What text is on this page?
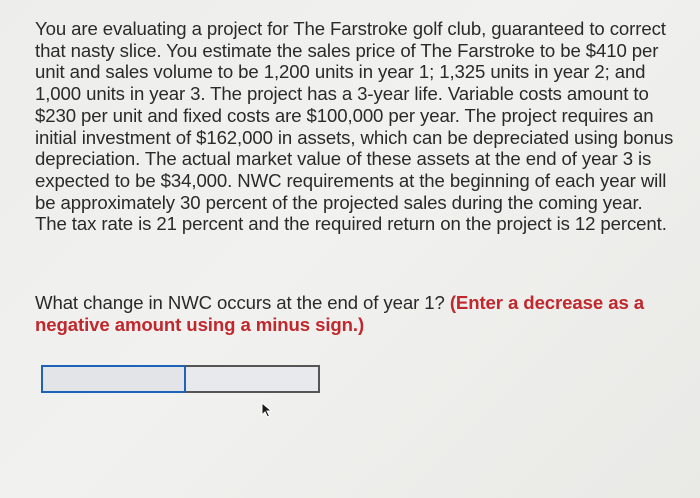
You are evaluating a project for The Farstroke golf club, guaranteed to correct that nasty slice. You estimate the sales price of The Farstroke to be $410 per unit and sales volume to be 1,200 units in year 1; 1,325 units in year 2; and 1,000 units in year 3. The project has a 3-year life. Variable costs amount to $230 per unit and fixed costs are $100,000 per year. The project requires an initial investment of $162,000 in assets, which can be depreciated using bonus depreciation. The actual market value of these assets at the end of year 3 is expected to be $34,000. NWC requirements at the beginning of each year will be approximately 30 percent of the projected sales during the coming year. The tax rate is 21 percent and the required return on the project is 12 percent.

What change in NWC occurs at the end of year 1? (Enter a decrease as a negative amount using a minus sign.)
